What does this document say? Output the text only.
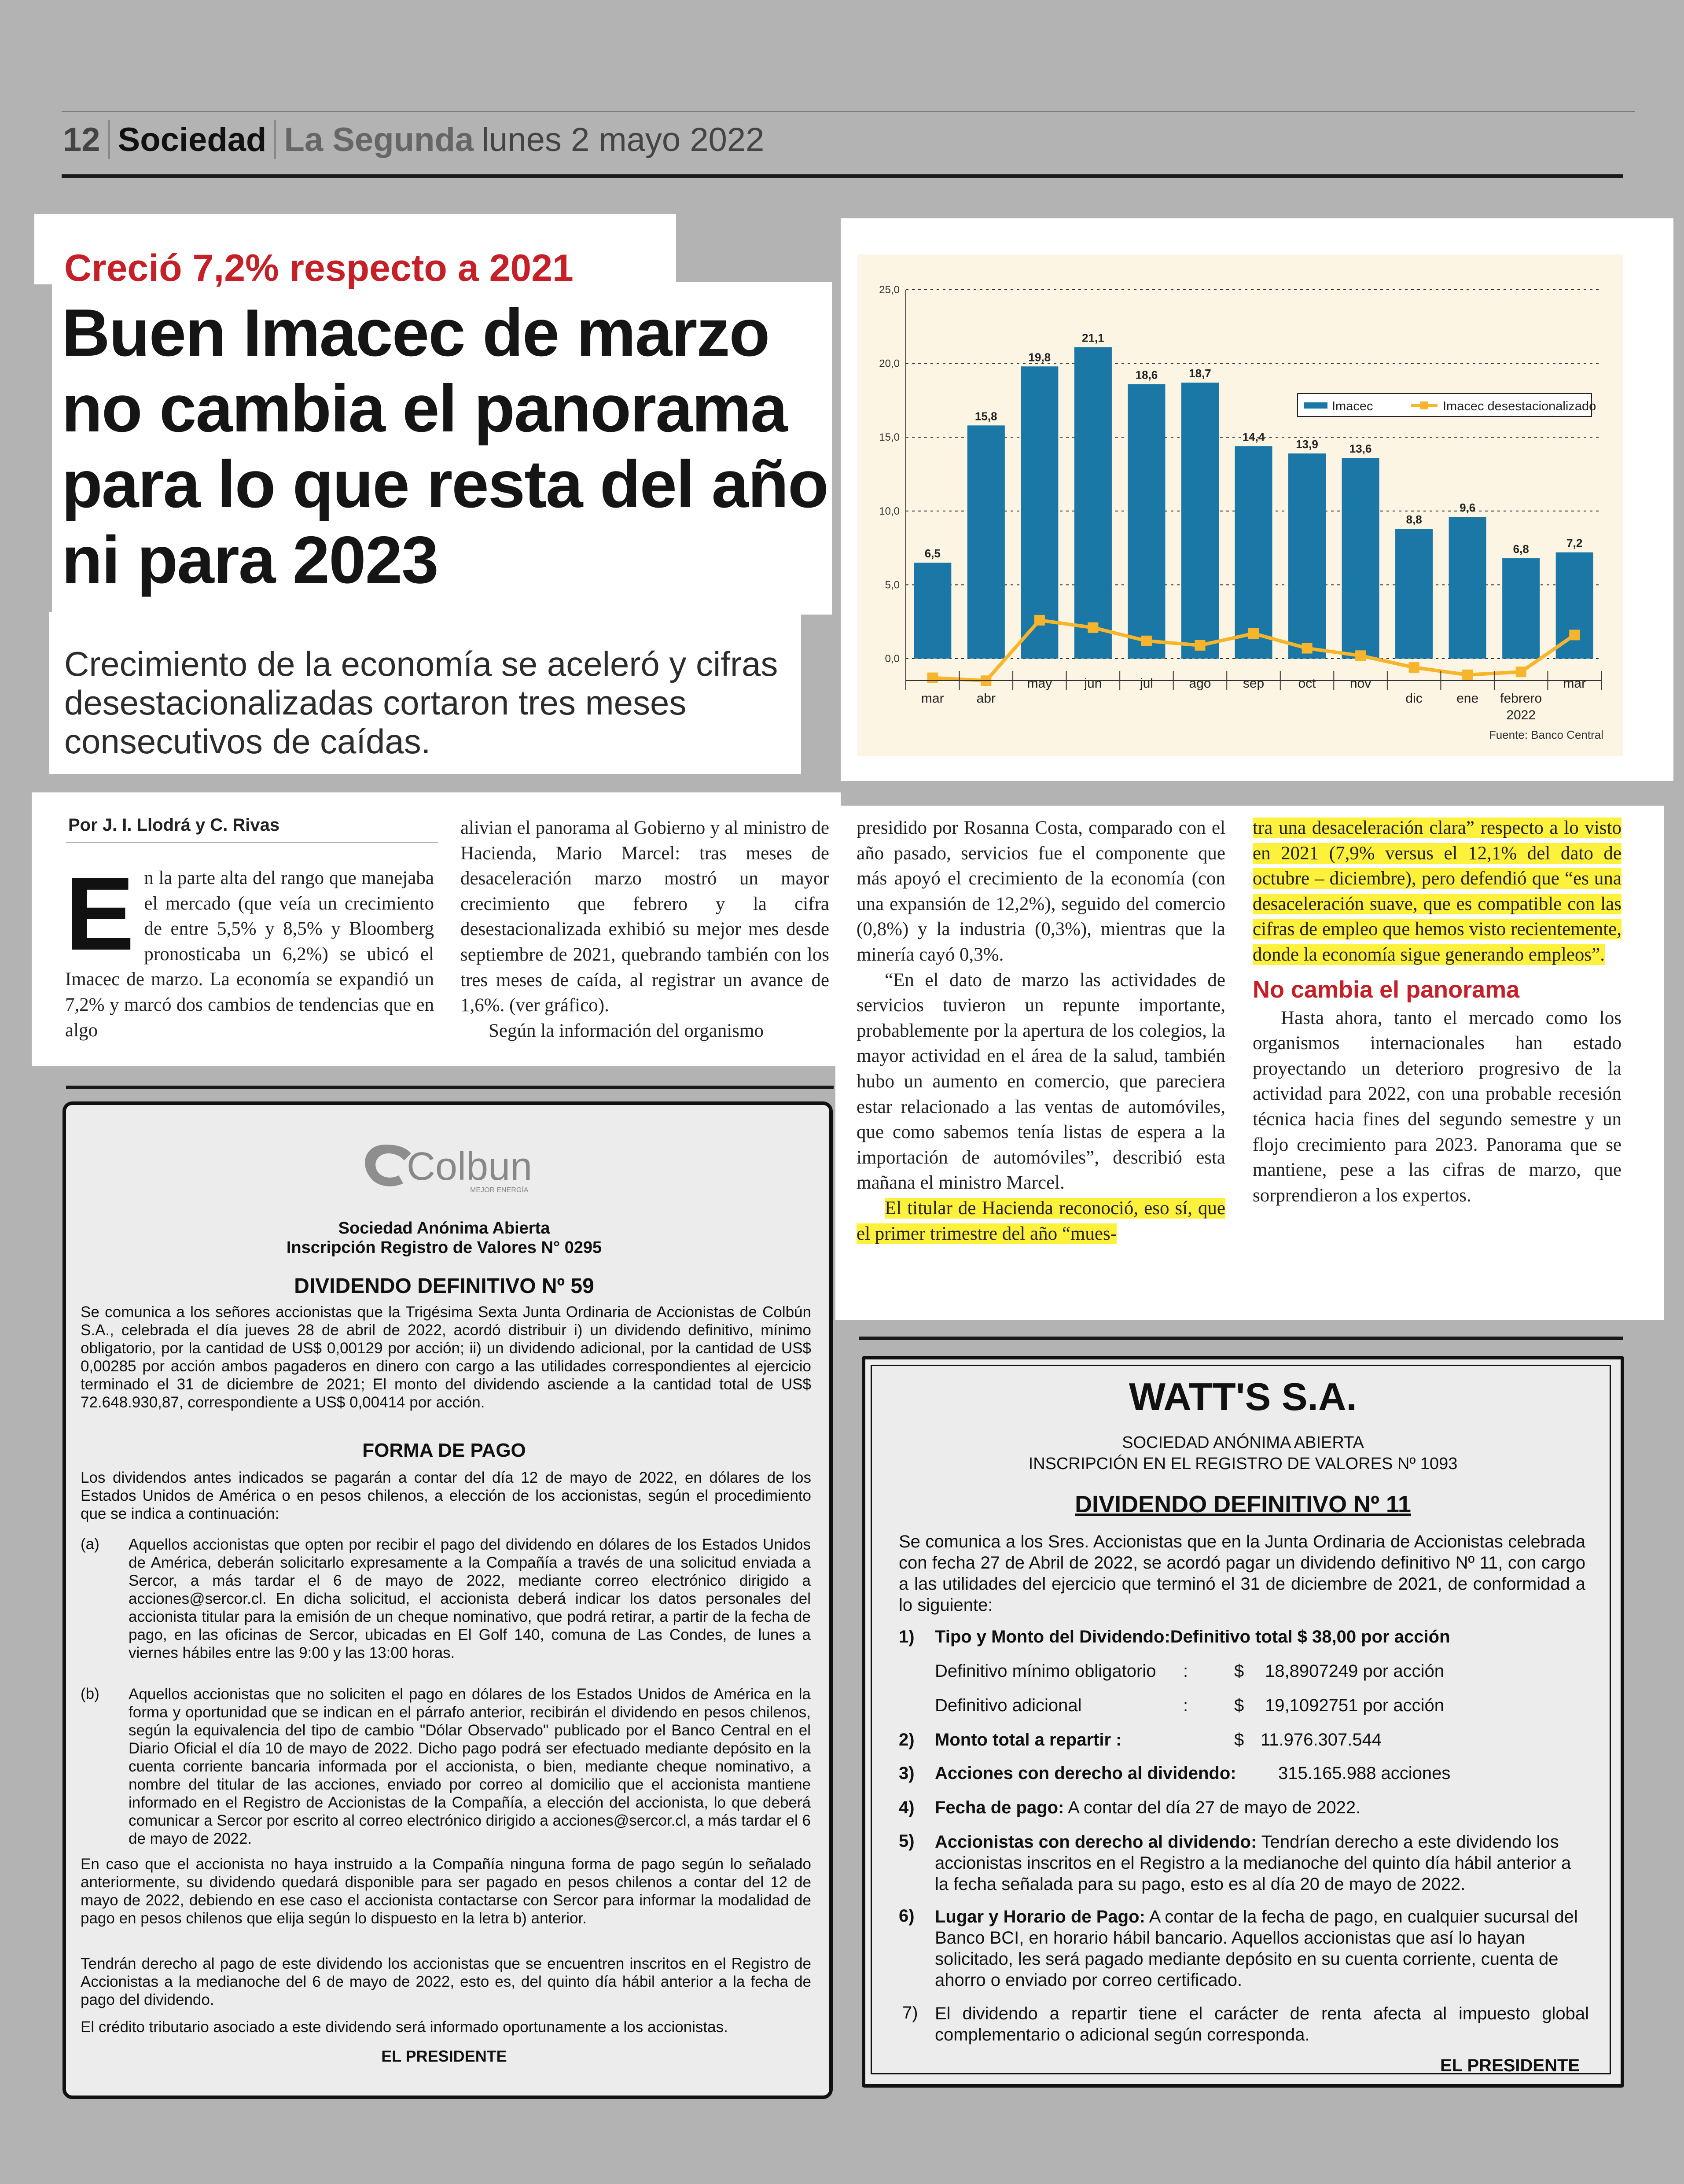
12 Sociedad La Segunda lunes 2 mayo 2022
Creció 7,2% respecto a 2021
Buen Imacec de marzo no cambia el panorama para lo que resta del año ni para 2023
Crecimiento de la economía se aceleró y cifras desestacionalizadas cortaron tres meses consecutivos de caídas.
0,0
5,0
10,0
15,0
20,0
25,0
6,5
15,8
19,8
21,1
18,6	18,7
14,4
13,9	13,6
8,8
9,6
6,8	7,2
mar abr
may jun	jul	ago sep	oct	nov
dic	ene febrero
mar
2022
Imacec	Imacec desestacionalizado
Fuente: Banco Central
Por J. I. Llodrá y C. Rivas
E n la parte alta del rango que manejaba el mercado (que veía un crecimiento de entre 5,5% y 8,5% y Bloomberg pronosticaba un 6,2%) se ubicó el Imacec de marzo. La economía se expandió un 7,2% y marcó dos cambios de tendencias que en algo

alivian el panorama al Gobierno y al ministro de Hacienda, Mario Marcel: tras meses de desaceleración marzo mostró un mayor crecimiento que febrero y la cifra desestacionalizada exhibió su mejor mes desde septiembre de 2021, quebrando también con los tres meses de caída, al registrar un avance de 1,6%. (ver gráfico).

Según la información del organismo

presidido por Rosanna Costa, comparado con el año pasado, servicios fue el componente que más apoyó el crecimiento de la economía (con una expansión de 12,2%), seguido del comercio (0,8%) y la industria (0,3%), mientras que la minería cayó 0,3%.

“En el dato de marzo las actividades de servicios tuvieron un repunte importante, probablemente por la apertura de los colegios, la mayor actividad en el área de la salud, también hubo un aumento en comercio, que pareciera estar relacionado a las ventas de automóviles, que como sabemos tenía listas de espera a la importación de automóviles”, describió esta mañana el ministro Marcel.

El titular de Hacienda reconoció, eso sí, que el primer trimestre del año “mues-

tra una desaceleración clara” respecto a lo visto en 2021 (7,9% versus el 12,1% del dato de octubre – diciembre), pero defendió que “es una desaceleración suave, que es compatible con las cifras de empleo que hemos visto recientemente, donde la economía sigue generando empleos”.

No cambia el panorama

Hasta ahora, tanto el mercado como los organismos internacionales han estado proyectando un deterioro progresivo de la actividad para 2022, con una probable recesión técnica hacia fines del segundo semestre y un flojo crecimiento para 2023. Panorama que se mantiene, pese a las cifras de marzo, que sorprendieron a los expertos.

Colbun
MEJOR ENERGÍA
Sociedad Anónima Abierta
Inscripción Registro de Valores N° 0295
DIVIDENDO DEFINITIVO Nº 59
Se comunica a los señores accionistas que la Trigésima Sexta Junta Ordinaria de Accionistas de Colbún S.A., celebrada el día jueves 28 de abril de 2022, acordó distribuir i) un dividendo definitivo, mínimo obligatorio, por la cantidad de US$ 0,00129 por acción; ii) un dividendo adicional, por la cantidad de US$ 0,00285 por acción ambos pagaderos en dinero con cargo a las utilidades correspondientes al ejercicio terminado el 31 de diciembre de 2021; El monto del dividendo asciende a la cantidad total de US$ 72.648.930,87, correspondiente a US$ 0,00414 por acción.
FORMA DE PAGO
Los dividendos antes indicados se pagarán a contar del día 12 de mayo de 2022, en dólares de los Estados Unidos de América o en pesos chilenos, a elección de los accionistas, según el procedimiento que se indica a continuación:
(a) Aquellos accionistas que opten por recibir el pago del dividendo en dólares de los Estados Unidos de América, deberán solicitarlo expresamente a la Compañía a través de una solicitud enviada a Sercor, a más tardar el 6 de mayo de 2022, mediante correo electrónico dirigido a acciones@sercor.cl. En dicha solicitud, el accionista deberá indicar los datos personales del accionista titular para la emisión de un cheque nominativo, que podrá retirar, a partir de la fecha de pago, en las oficinas de Sercor, ubicadas en El Golf 140, comuna de Las Condes, de lunes a viernes hábiles entre las 9:00 y las 13:00 horas.
(b) Aquellos accionistas que no soliciten el pago en dólares de los Estados Unidos de América en la forma y oportunidad que se indican en el párrafo anterior, recibirán el dividendo en pesos chilenos, según la equivalencia del tipo de cambio "Dólar Observado" publicado por el Banco Central en el Diario Oficial el día 10 de mayo de 2022. Dicho pago podrá ser efectuado mediante depósito en la cuenta corriente bancaria informada por el accionista, o bien, mediante cheque nominativo, a nombre del titular de las acciones, enviado por correo al domicilio que el accionista mantiene informado en el Registro de Accionistas de la Compañía, a elección del accionista, lo que deberá comunicar a Sercor por escrito al correo electrónico dirigido a acciones@sercor.cl, a más tardar el 6 de mayo de 2022.
En caso que el accionista no haya instruido a la Compañía ninguna forma de pago según lo señalado anteriormente, su dividendo quedará disponible para ser pagado en pesos chilenos a contar del 12 de mayo de 2022, debiendo en ese caso el accionista contactarse con Sercor para informar la modalidad de pago en pesos chilenos que elija según lo dispuesto en la letra b) anterior.
Tendrán derecho al pago de este dividendo los accionistas que se encuentren inscritos en el Registro de Accionistas a la medianoche del 6 de mayo de 2022, esto es, del quinto día hábil anterior a la fecha de pago del dividendo.
El crédito tributario asociado a este dividendo será informado oportunamente a los accionistas.
EL PRESIDENTE
WATT'S S.A.
SOCIEDAD ANÓNIMA ABIERTA
INSCRIPCIÓN EN EL REGISTRO DE VALORES Nº 1093
DIVIDENDO DEFINITIVO Nº 11
Se comunica a los Sres. Accionistas que en la Junta Ordinaria de Accionistas celebrada con fecha 27 de Abril de 2022, se acordó pagar un dividendo definitivo Nº 11, con cargo a las utilidades del ejercicio que terminó el 31 de diciembre de 2021, de conformidad a lo siguiente:
1) Tipo y Monto del Dividendo:Definitivo total $ 38,00 por acción
Definitivo mínimo obligatorio :	$ 18,8907249 por acción
Definitivo adicional	:	$ 19,1092751 por acción
2) Monto total a repartir :	$ 11.976.307.544
3) Acciones con derecho al dividendo: 315.165.988 acciones
4) Fecha de pago: A contar del día 27 de mayo de 2022.
5) Accionistas con derecho al dividendo: Tendrían derecho a este dividendo los accionistas inscritos en el Registro a la medianoche del quinto día hábil anterior a la fecha señalada para su pago, esto es al día 20 de mayo de 2022.
6) Lugar y Horario de Pago: A contar de la fecha de pago, en cualquier sucursal del Banco BCI, en horario hábil bancario. Aquellos accionistas que así lo hayan solicitado, les será pagado mediante depósito en su cuenta corriente, cuenta de ahorro o enviado por correo certificado.
7) El dividendo a repartir tiene el carácter de renta afecta al impuesto global complementario o adicional según corresponda.
EL PRESIDENTE
